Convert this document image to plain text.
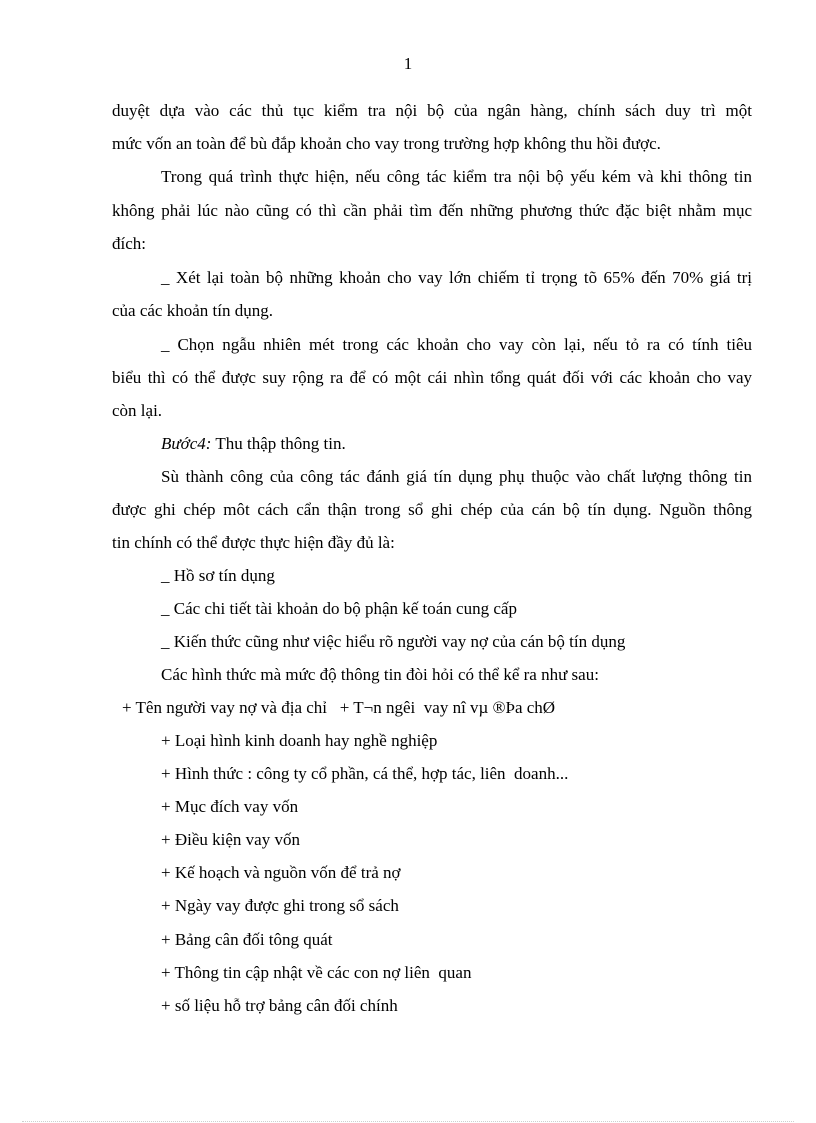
1
duyệt dựa vào các thủ tục kiểm tra nội bộ của ngân hàng, chính sách duy trì một
mức vốn an toàn để bù đắp khoản cho vay trong trường hợp không thu hồi được.
Trong quá trình thực hiện, nếu công tác kiểm tra nội bộ yếu kém và khi thông tin
không phải lúc nào cũng có thì cần phải tìm đến những phương thức đặc biệt nhằm mục
đích:
_ Xét lại toàn bộ những khoản cho vay lớn chiếm tỉ trọng tõ 65% đến 70% giá trị
của các khoản tín dụng.
_ Chọn ngẫu nhiên mét trong các khoản cho vay còn lại, nếu tỏ ra có tính tiêu
biểu thì có thể được suy rộng ra để có một cái nhìn tổng quát đối với các khoản cho vay
còn lại.
Bước4: Thu thập thông tin.
Sù thành công của công tác đánh giá tín dụng phụ thuộc vào chất lượng thông tin
được ghi chép môt cách cẩn thận trong sổ ghi chép của cán bộ tín dụng. Nguồn thông
tin chính có thể được thực hiện đầy đủ là:
_ Hồ sơ tín dụng
_ Các chi tiết tài khoản do bộ phận kế toán cung cấp
_ Kiến thức cũng như việc hiểu rõ người vay nợ của cán bộ tín dụng
Các hình thức mà mức độ thông tin đòi hỏi có thể kể ra như sau:
+ Tên người vay nợ và địa chỉ   + T¬n ngêi  vay nî vµ ®Þa chØ
+ Loại hình kinh doanh hay nghề nghiệp
+ Hình thức : công ty cổ phần, cá thể, hợp tác, liên  doanh...
+ Mục đích vay vốn
+ Điều kiện vay vốn
+ Kế hoạch và nguồn vốn để trả nợ
+ Ngày vay được ghi trong sổ sách
+ Bảng cân đối tông quát
+ Thông tin cập nhật về các con nợ liên  quan
+ số liệu hỗ trợ bảng cân đối chính
